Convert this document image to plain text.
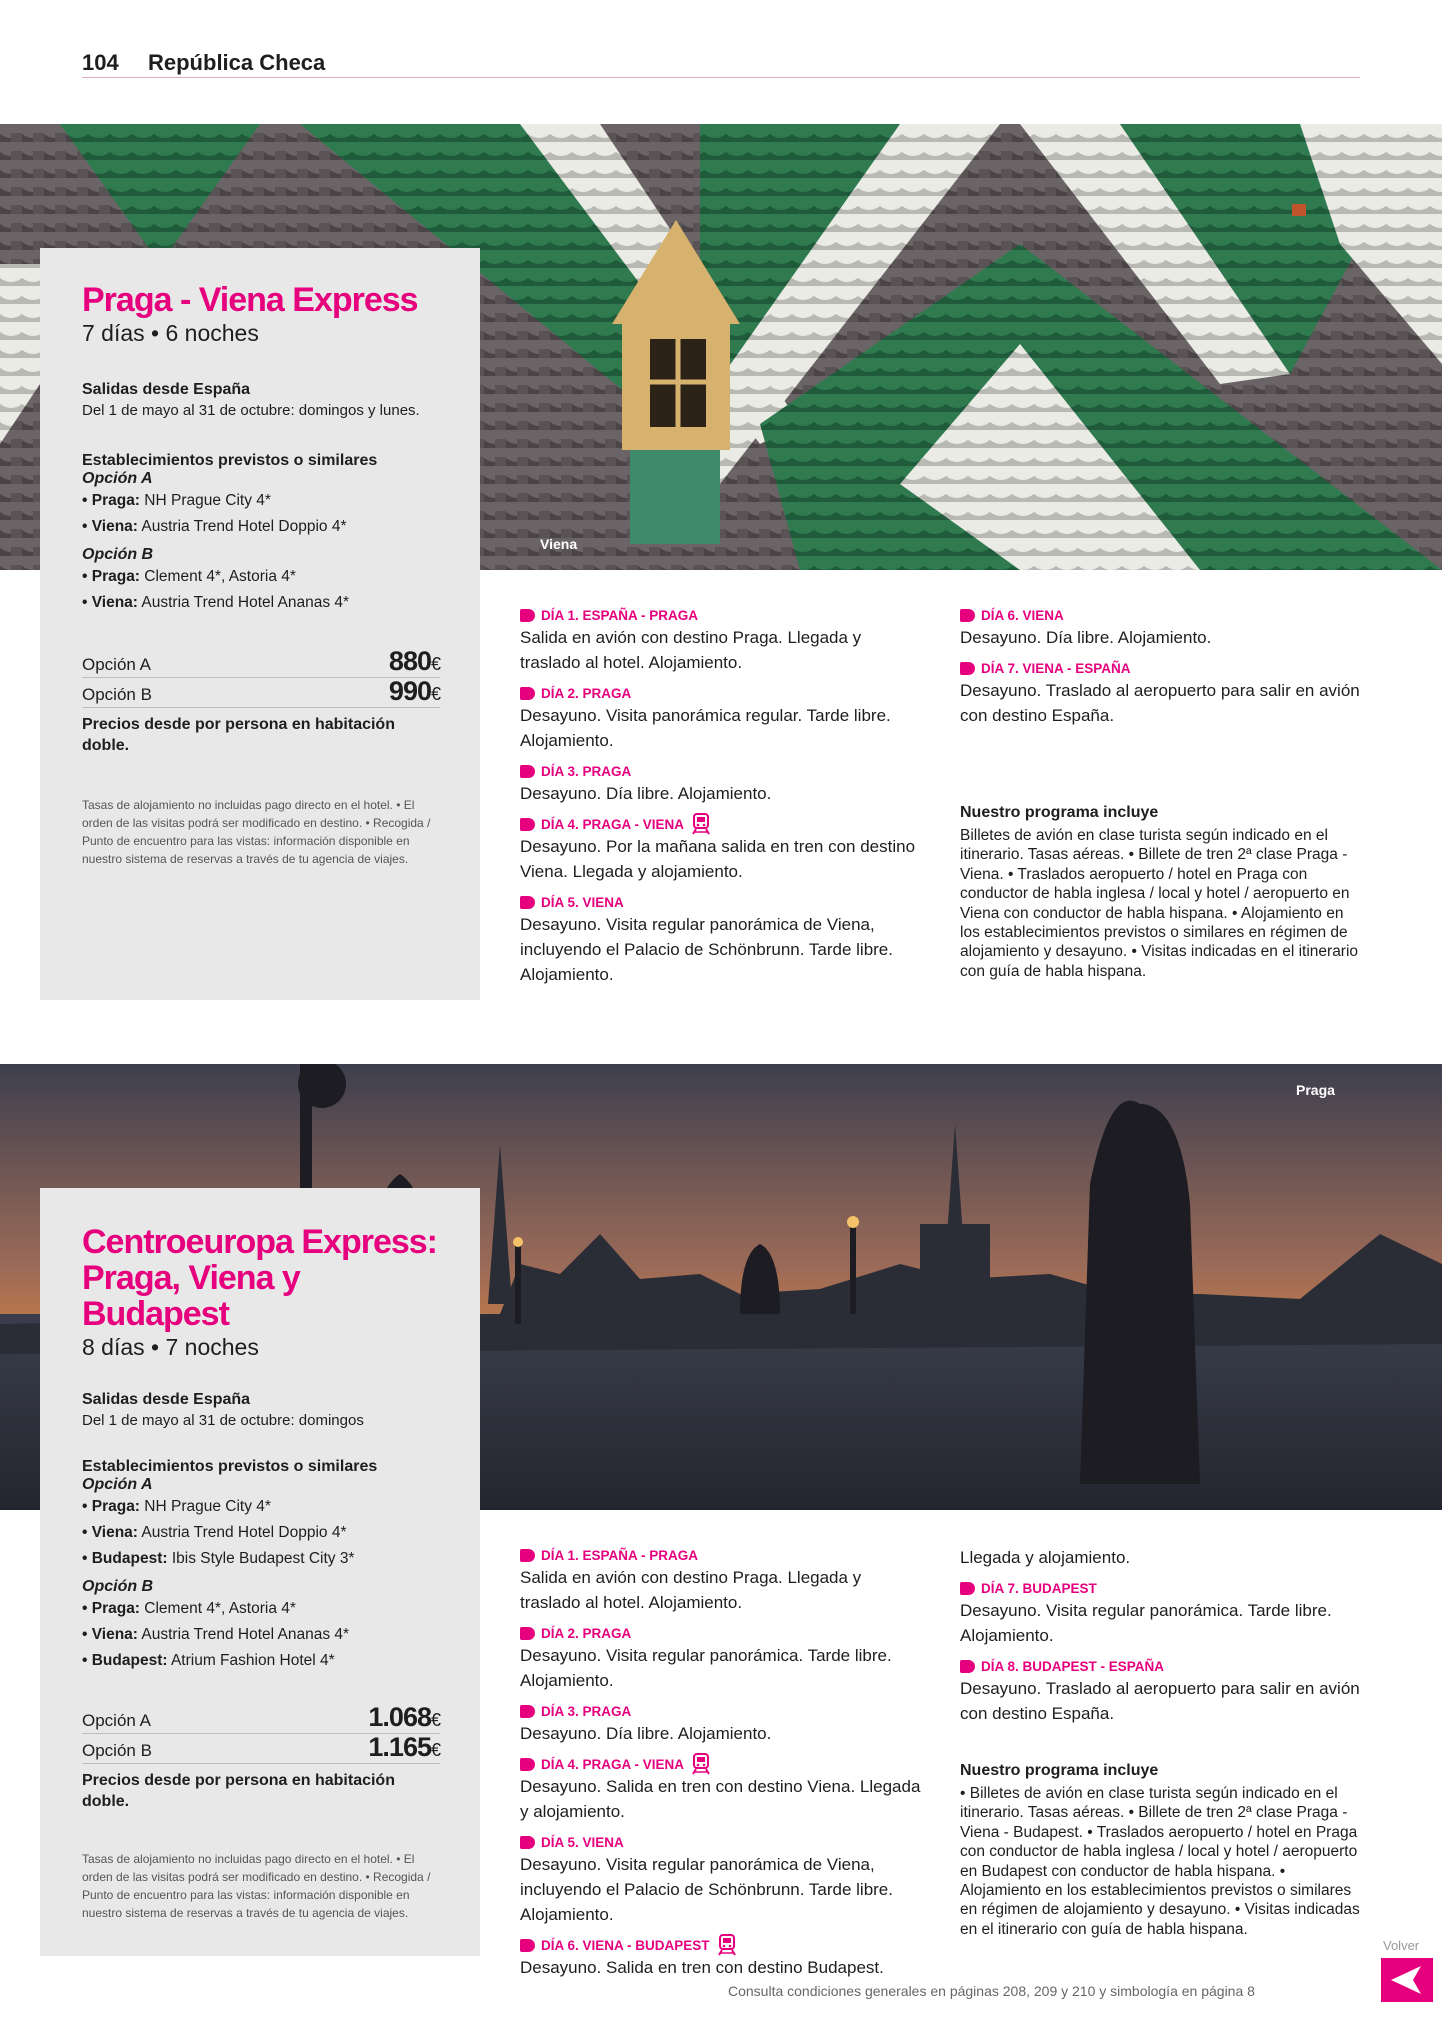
104 República Checa
Viena
Praga
Praga - Viena Express
7 días • 6 noches
Salidas desde España
Del 1 de mayo al 31 de octubre: domingos y lunes.
Establecimientos previstos o similares
Opción A
• Praga: NH Prague City 4*
• Viena: Austria Trend Hotel Doppio 4*
Opción B
• Praga: Clement 4*, Astoria 4*
• Viena: Austria Trend Hotel Ananas 4*
Opción A	880€
Opción B	990€
Precios desde por persona en habitación doble.
Tasas de alojamiento no incluidas pago directo en el hotel. • El orden de las visitas podrá ser modificado en destino. • Recogida / Punto de encuentro para las vistas: información disponible en nuestro sistema de reservas a través de tu agencia de viajes.
DÍA 1. ESPAÑA - PRAGA
Salida en avión con destino Praga. Llegada y traslado al hotel. Alojamiento.
DÍA 2. PRAGA
Desayuno. Visita panorámica regular. Tarde libre. Alojamiento.
DÍA 3. PRAGA
Desayuno. Día libre. Alojamiento.
DÍA 4. PRAGA - VIENA
Desayuno. Por la mañana salida en tren con destino Viena. Llegada y alojamiento.
DÍA 5. VIENA
Desayuno. Visita regular panorámica de Viena, incluyendo el Palacio de Schönbrunn. Tarde libre. Alojamiento.
DÍA 6. VIENA
Desayuno. Día libre. Alojamiento.
DÍA 7. VIENA - ESPAÑA
Desayuno. Traslado al aeropuerto para salir en avión con destino España.
Nuestro programa incluye
Billetes de avión en clase turista según indicado en el itinerario. Tasas aéreas. • Billete de tren 2ª clase Praga - Viena. • Traslados aeropuerto / hotel en Praga con conductor de habla inglesa / local y hotel / aeropuerto en Viena con conductor de habla hispana. • Alojamiento en los establecimientos previstos o similares en régimen de alojamiento y desayuno. • Visitas indicadas en el itinerario con guía de habla hispana.
Centroeuropa Express:
Praga, Viena y Budapest
8 días • 7 noches
Salidas desde España
Del 1 de mayo al 31 de octubre: domingos
Establecimientos previstos o similares
Opción A
• Praga: NH Prague City 4*
• Viena: Austria Trend Hotel Doppio 4*
• Budapest: Ibis Style Budapest City 3*
Opción B
• Praga: Clement 4*, Astoria 4*
• Viena: Austria Trend Hotel Ananas 4*
• Budapest: Atrium Fashion Hotel 4*
Opción A	1.068€
Opción B	1.165€
Precios desde por persona en habitación doble.
Tasas de alojamiento no incluidas pago directo en el hotel. • El orden de las visitas podrá ser modificado en destino. • Recogida / Punto de encuentro para las vistas: información disponible en nuestro sistema de reservas a través de tu agencia de viajes.
DÍA 1. ESPAÑA - PRAGA
Salida en avión con destino Praga. Llegada y traslado al hotel. Alojamiento.
DÍA 2. PRAGA
Desayuno. Visita regular panorámica. Tarde libre. Alojamiento.
DÍA 3. PRAGA
Desayuno. Día libre. Alojamiento.
DÍA 4. PRAGA - VIENA
Desayuno. Salida en tren con destino Viena. Llegada y alojamiento.
DÍA 5. VIENA
Desayuno. Visita regular panorámica de Viena, incluyendo el Palacio de Schönbrunn. Tarde libre. Alojamiento.
DÍA 6. VIENA - BUDAPEST
Desayuno. Salida en tren con destino Budapest.
Llegada y alojamiento.
DÍA 7. BUDAPEST
Desayuno. Visita regular panorámica. Tarde libre. Alojamiento.
DÍA 8. BUDAPEST - ESPAÑA
Desayuno. Traslado al aeropuerto para salir en avión con destino España.
Nuestro programa incluye
• Billetes de avión en clase turista según indicado en el itinerario. Tasas aéreas. • Billete de tren 2ª clase Praga - Viena - Budapest. • Traslados aeropuerto / hotel en Praga con conductor de habla inglesa / local y hotel / aeropuerto en Budapest con conductor de habla hispana. • Alojamiento en los establecimientos previstos o similares en régimen de alojamiento y desayuno. • Visitas indicadas en el itinerario con guía de habla hispana.
Consulta condiciones generales en páginas 208, 209 y 210 y simbología en página 8
Volver
